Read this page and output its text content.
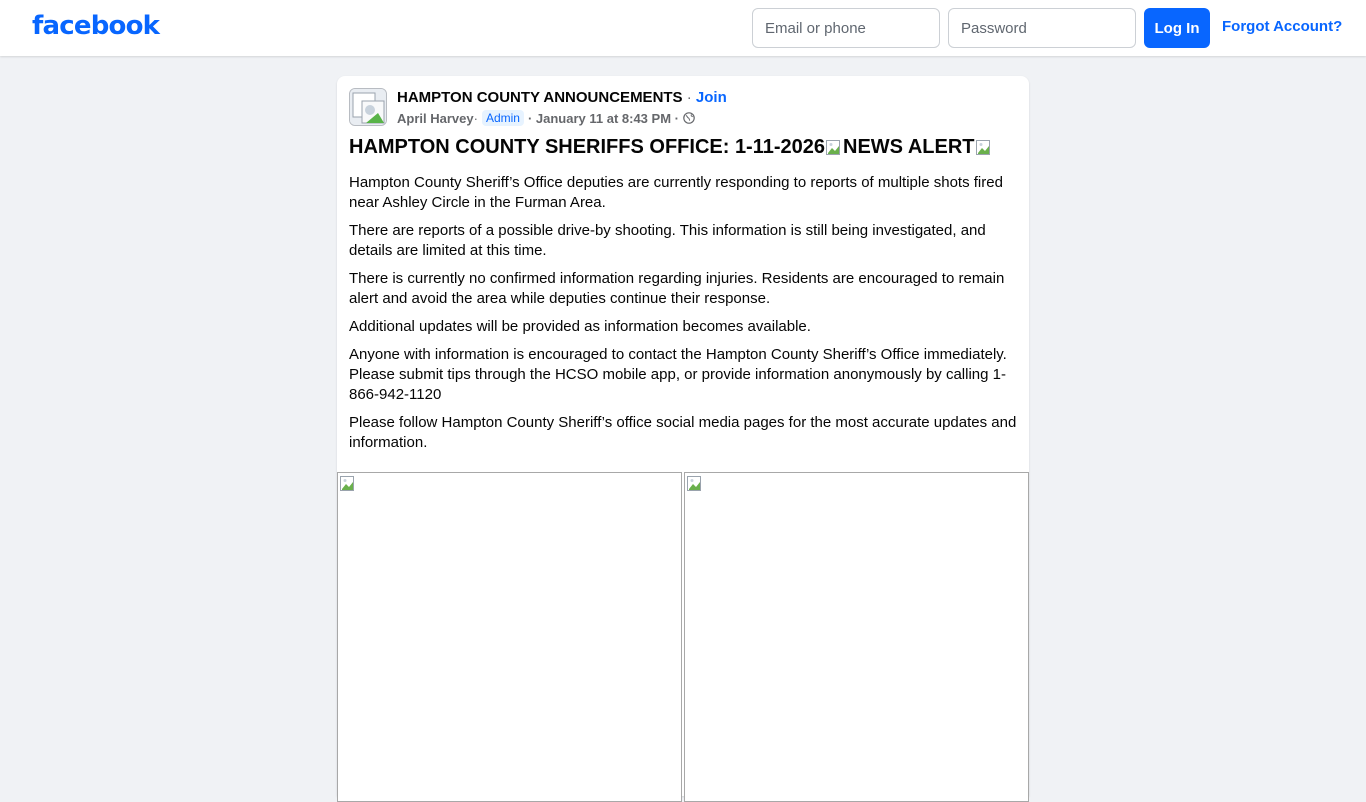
facebook
Email or phone	Log In	Forgot Account?
HAMPTON COUNTY ANNOUNCEMENTS · Join
April Harvey · Admin · January 11 at 8:43 PM ·
HAMPTON COUNTY SHERIFFS OFFICE: 1-11-2026 NEWS ALERT

Hampton County Sheriff’s Office deputies are currently responding to reports of multiple shots fired near Ashley Circle in the Furman Area.

There are reports of a possible drive-by shooting. This information is still being investigated, and details are limited at this time.

There is currently no confirmed information regarding injuries. Residents are encouraged to remain alert and avoid the area while deputies continue their response.

Additional updates will be provided as information becomes available.

Anyone with information is encouraged to contact the Hampton County Sheriff’s Office immediately. Please submit tips through the HCSO mobile app, or provide information anonymously by calling 1-866-942-1120

Please follow Hampton County Sheriff’s office social media pages for the most accurate updates and information.
